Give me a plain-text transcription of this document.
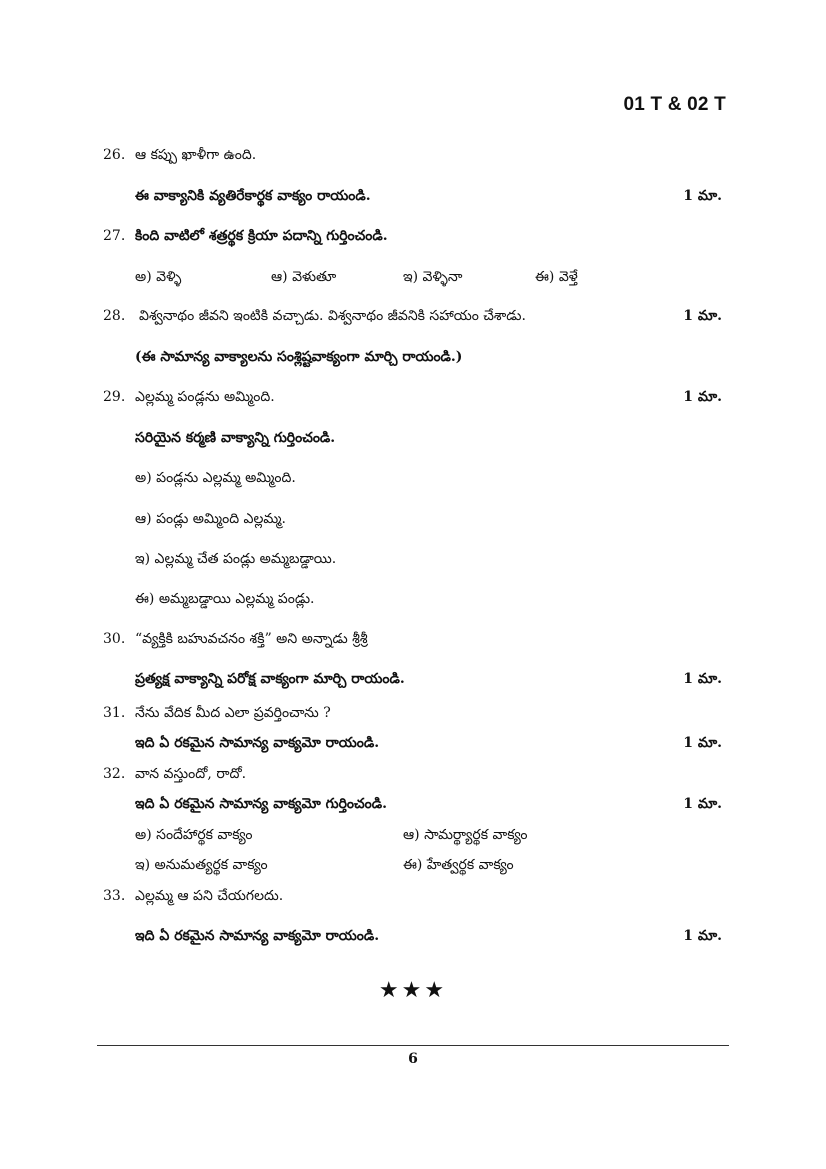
01 T & 02 T
26. ఆ కప్పు ఖాళీగా ఉంది.
ఈ వాక్యానికి వ్యతిరేకార్థక వాక్యం రాయండి.	1 మా.
27. కింది వాటిలో శత్రర్థక క్రియా పదాన్ని గుర్తించండి.
అ) వెళ్ళి	ఆ) వెళుతూ	ఇ) వెళ్ళినా	ఈ) వెళ్తే
28. విశ్వనాథం జీవని ఇంటికి వచ్చాడు. విశ్వనాథం జీవనికి సహాయం చేశాడు.	1 మా.
(ఈ సామాన్య వాక్యాలను సంశ్లిష్టవాక్యంగా మార్చి రాయండి.)
29. ఎల్లమ్మ పండ్లను అమ్మింది.	1 మా.
సరియైన కర్మణి వాక్యాన్ని గుర్తించండి.
అ) పండ్లను ఎల్లమ్మ అమ్మింది.
ఆ) పండ్లు అమ్మింది ఎల్లమ్మ.
ఇ) ఎల్లమ్మ చేత పండ్లు అమ్మబడ్డాయి.
ఈ) అమ్మబడ్డాయి ఎల్లమ్మ పండ్లు.
30. “వ్యక్తికి బహువచనం శక్తి” అని అన్నాడు శ్రీశ్రీ
ప్రత్యక్ష వాక్యాన్ని పరోక్ష వాక్యంగా మార్చి రాయండి.	1 మా.
31. నేను వేదిక మీద ఎలా ప్రవర్తించాను ?
ఇది ఏ రకమైన సామాన్య వాక్యమో రాయండి.	1 మా.
32. వాన వస్తుందో, రాదో.
ఇది ఏ రకమైన సామాన్య వాక్యమో గుర్తించండి.	1 మా.
అ) సందేహార్థక వాక్యం	ఆ) సామర్థ్యార్థక వాక్యం
ఇ) అనుమత్యర్థక వాక్యం	ఈ) హేత్వర్థక వాక్యం
33. ఎల్లమ్మ ఆ పని చేయగలదు.
ఇది ఏ రకమైన సామాన్య వాక్యమో రాయండి.	1 మా.
★★★
6
